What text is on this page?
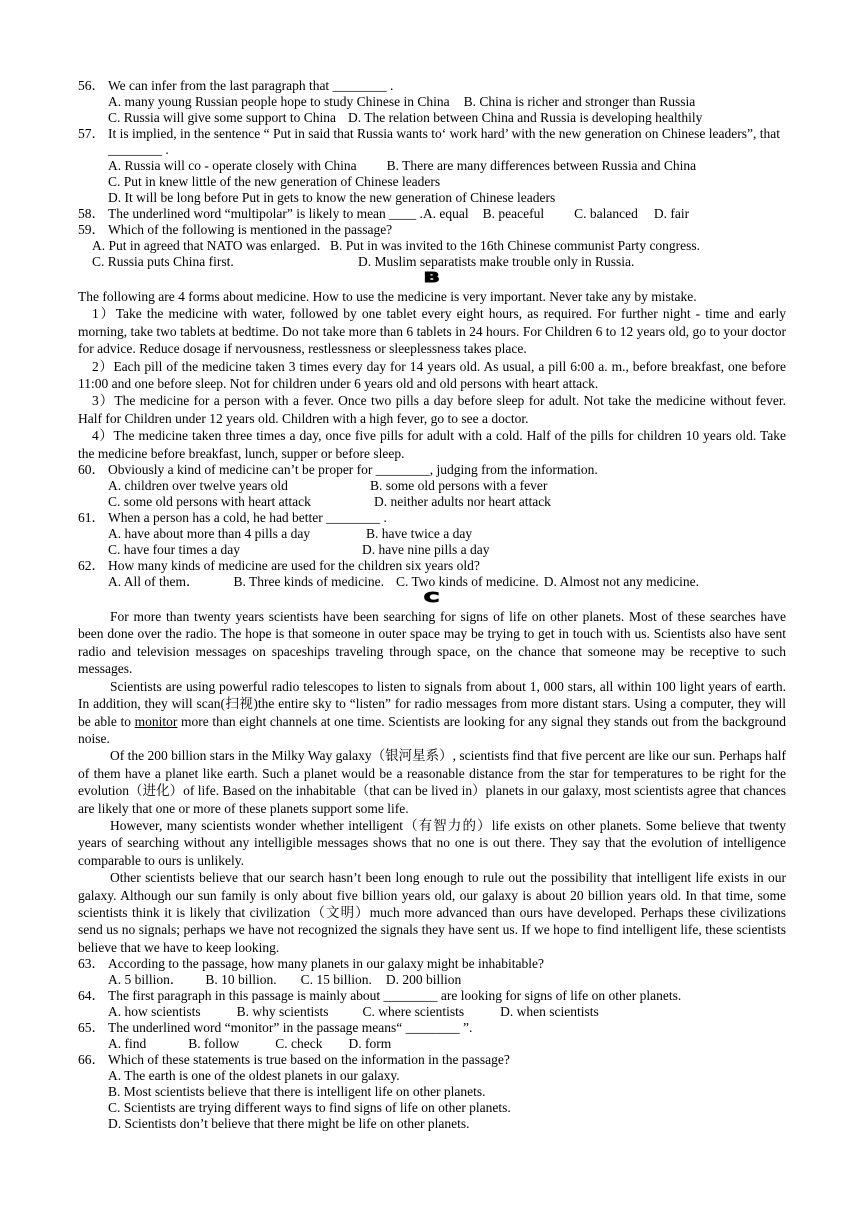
56． We can infer from the last paragraph that ________ .
A. many young Russian people hope to study Chinese in China B. China is richer and stronger than Russia
C. Russia will give some support to China D. The relation between China and Russia is developing healthily
57． It is implied, in the sentence “ Put in said that Russia wants to‘ work hard’ with the new generation on Chinese leaders”, that ________ .
A. Russia will co - operate closely with China B. There are many differences between Russia and China
C. Put in knew little of the new generation of Chinese leaders
D. It will be long before Put in gets to know the new generation of Chinese leaders
58． The underlined word “multipolar” is likely to mean ____ .A. equal B. peaceful C. balanced D. fair
59． Which of the following is mentioned in the passage?
A. Put in agreed that NATO was enlarged．B. Put in was invited to the 16th Chinese communist Party congress.
C. Russia puts China first.	D. Muslim separatists make trouble only in Russia.
B
The following are 4 forms about medicine. How to use the medicine is very important. Never take any by mistake.
1）Take the medicine with water, followed by one tablet every eight hours, as required. For further night - time and early morning, take two tablets at bedtime. Do not take more than 6 tablets in 24 hours. For Children 6 to 12 years old, go to your doctor for advice. Reduce dosage if nervousness, restlessness or sleeplessness takes place.
2）Each pill of the medicine taken 3 times every day for 14 years old. As usual, a pill 6:00 a. m., before breakfast, one before 11:00 and one before sleep. Not for children under 6 years old and old persons with heart attack.
3）The medicine for a person with a fever. Once two pills a day before sleep for adult. Not take the medicine without fever. Half for Children under 12 years old. Children with a high fever, go to see a doctor.
4）The medicine taken three times a day, once five pills for adult with a cold. Half of the pills for children 10 years old. Take the medicine before breakfast, lunch, supper or before sleep.
60． Obviously a kind of medicine can’t be proper for ________, judging from the information.
A. children over twelve years old	B. some old persons with a fever
C. some old persons with heart attack	D. neither adults nor heart attack
61． When a person has a cold, he had better ________ .
A. have about more than 4 pills a day	B. have twice a day
C. have four times a day	D. have nine pills a day
62． How many kinds of medicine are used for the children six years old?
A. All of them．	B. Three kinds of medicine. C. Two kinds of medicine. D. Almost not any medicine.
C
For more than twenty years scientists have been searching for signs of life on other planets. Most of these searches have been done over the radio. The hope is that someone in outer space may be trying to get in touch with us. Scientists also have sent radio and television messages on spaceships traveling through space, on the chance that someone may be receptive to such messages.
Scientists are using powerful radio telescopes to listen to signals from about 1, 000 stars, all within 100 light years of earth. In addition, they will scan(扫视)the entire sky to “listen” for radio messages from more distant stars. Using a computer, they will be able to monitor more than eight channels at one time. Scientists are looking for any signal they stands out from the background noise.
Of the 200 billion stars in the Milky Way galaxy（银河星系）, scientists find that five percent are like our sun. Perhaps half of them have a planet like earth. Such a planet would be a reasonable distance from the star for temperatures to be right for the evolution（进化）of life. Based on the inhabitable（that can be lived in）planets in our galaxy, most scientists agree that chances are likely that one or more of these planets support some life.
However, many scientists wonder whether intelligent（有智力的）life exists on other planets. Some believe that twenty years of searching without any intelligible messages shows that no one is out there. They say that the evolution of intelligence comparable to ours is unlikely.
Other scientists believe that our search hasn’t been long enough to rule out the possibility that intelligent life exists in our galaxy. Although our sun family is only about five billion years old, our galaxy is about 20 billion years old. In that time, some scientists think it is likely that civilization（文明）much more advanced than ours have developed. Perhaps these civilizations send us no signals; perhaps we have not recognized the signals they have sent us. If we hope to find intelligent life, these scientists believe that we have to keep looking.
63． According to the passage, how many planets in our galaxy might be inhabitable?
A. 5 billion． B. 10 billion. C. 15 billion. D. 200 billion
64． The first paragraph in this passage is mainly about ________ are looking for signs of life on other planets.
A. how scientists	B. why scientists	C. where scientists	D. when scientists
65． The underlined word “monitor” in the passage means“ ________ ”.
A. find	B. follow	C. check D. form
66． Which of these statements is true based on the information in the passage?
A. The earth is one of the oldest planets in our galaxy.
B. Most scientists believe that there is intelligent life on other planets.
C. Scientists are trying different ways to find signs of life on other planets.
D. Scientists don’t believe that there might be life on other planets.
